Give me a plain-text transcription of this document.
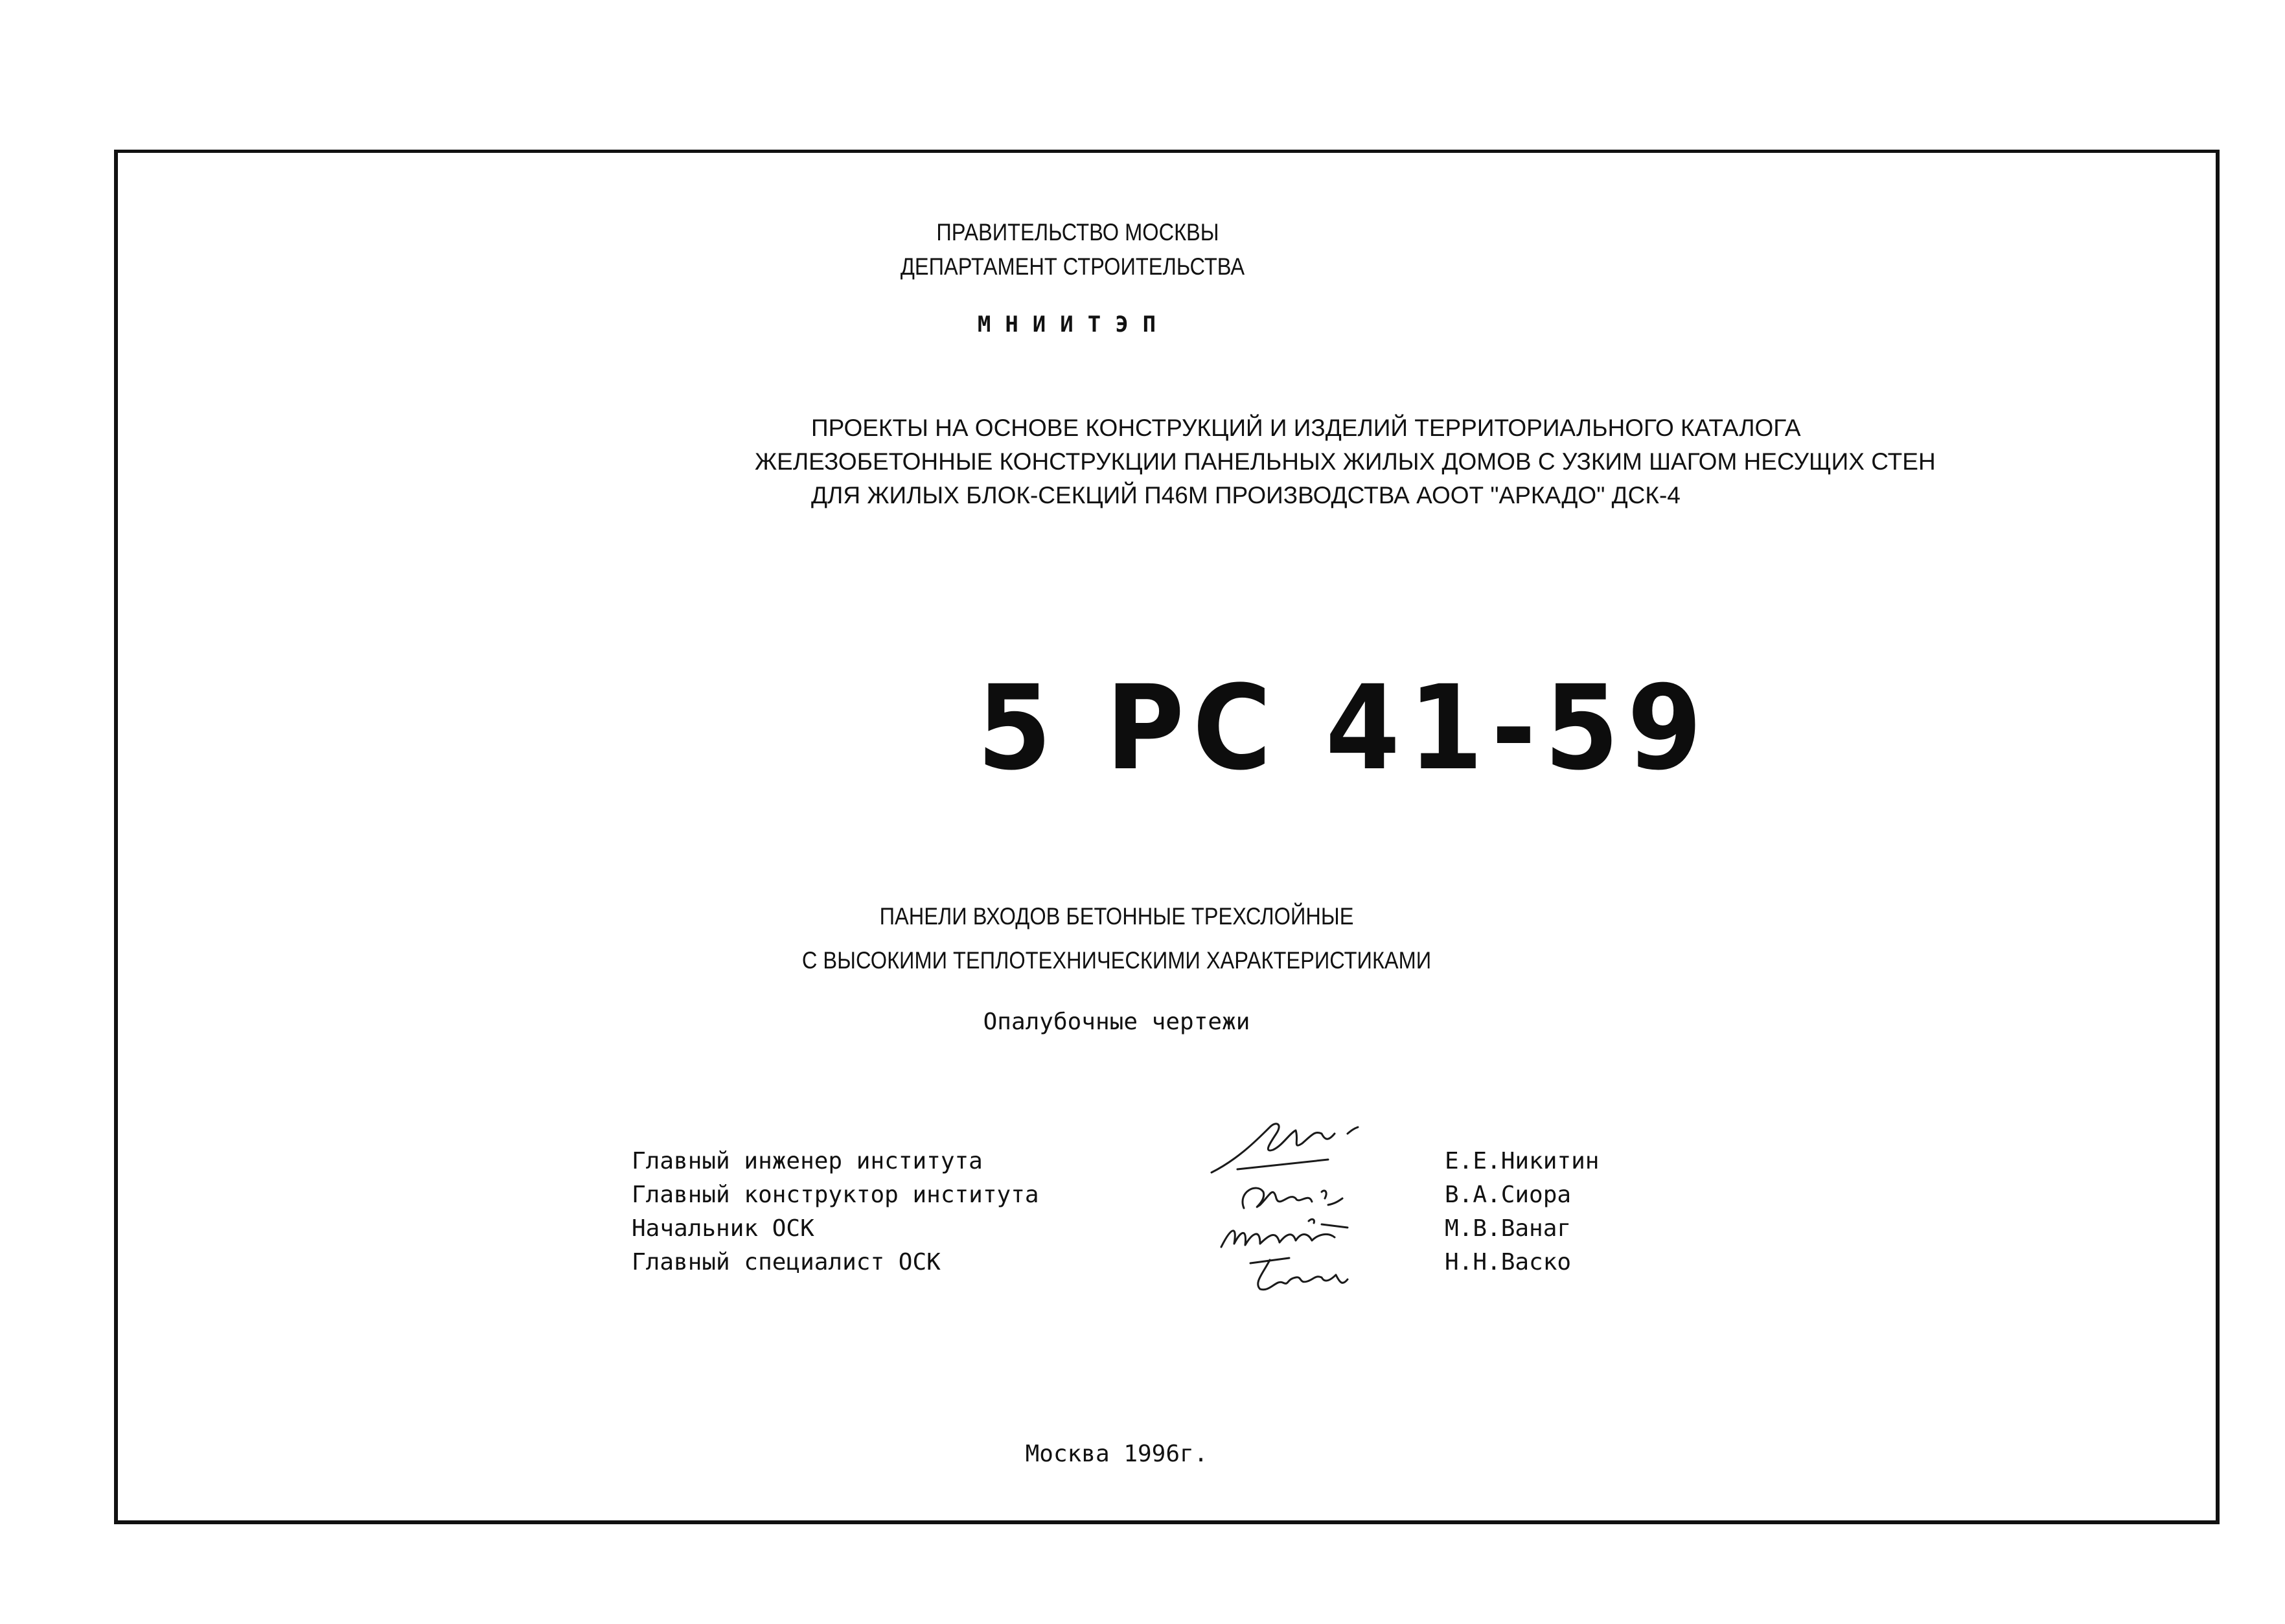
ПРАВИТЕЛЬСТВО МОСКВЫ
ДЕПАРТАМЕНТ СТРОИТЕЛЬСТВА
МНИИТЭП
ПРОЕКТЫ НА ОСНОВЕ КОНСТРУКЦИЙ И ИЗДЕЛИЙ ТЕРРИТОРИАЛЬНОГО КАТАЛОГА
ЖЕЛЕЗОБЕТОННЫЕ КОНСТРУКЦИИ ПАНЕЛЬНЫХ ЖИЛЫХ ДОМОВ С УЗКИМ ШАГОМ НЕСУЩИХ СТЕН
ДЛЯ ЖИЛЫХ БЛОК-СЕКЦИЙ П46М ПРОИЗВОДСТВА АООТ "АРКАДО" ДСК-4
5 РС 41-59
ПАНЕЛИ ВХОДОВ БЕТОННЫЕ ТРЕХСЛОЙНЫЕ
С ВЫСОКИМИ ТЕПЛОТЕХНИЧЕСКИМИ ХАРАКТЕРИСТИКАМИ
Опалубочные чертежи
Главный инженер института
Главный конструктор института
Начальник ОСК
Главный специалист ОСК
Е.Е.Никитин
В.А.Сиора
М.В.Ванаг
Н.Н.Васко
Москва 1996г.
